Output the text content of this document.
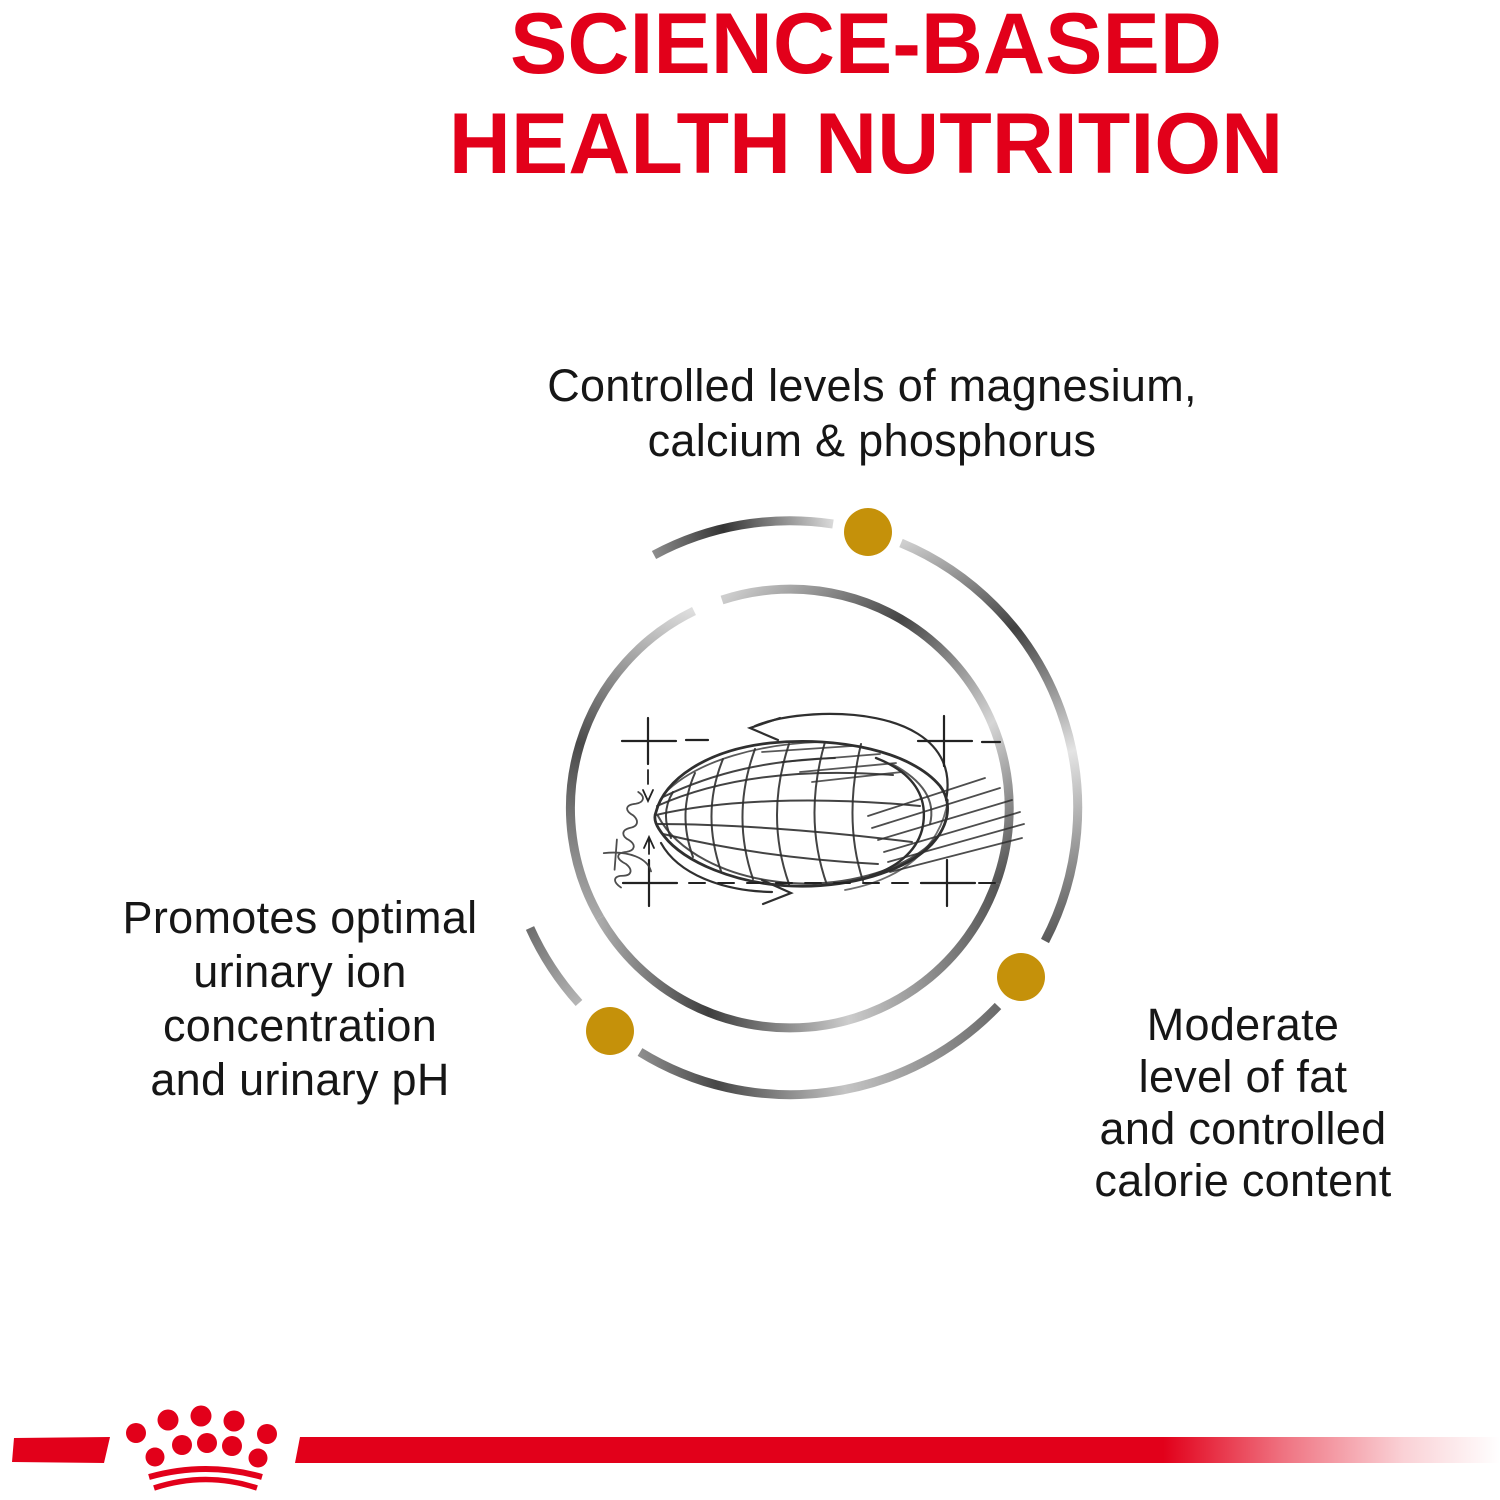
SCIENCE-BASED
HEALTH NUTRITION
Controlled levels of magnesium,
calcium & phosphorus
Promotes optimal
urinary ion
concentration
and urinary pH
Moderate
level of fat
and controlled
calorie content
